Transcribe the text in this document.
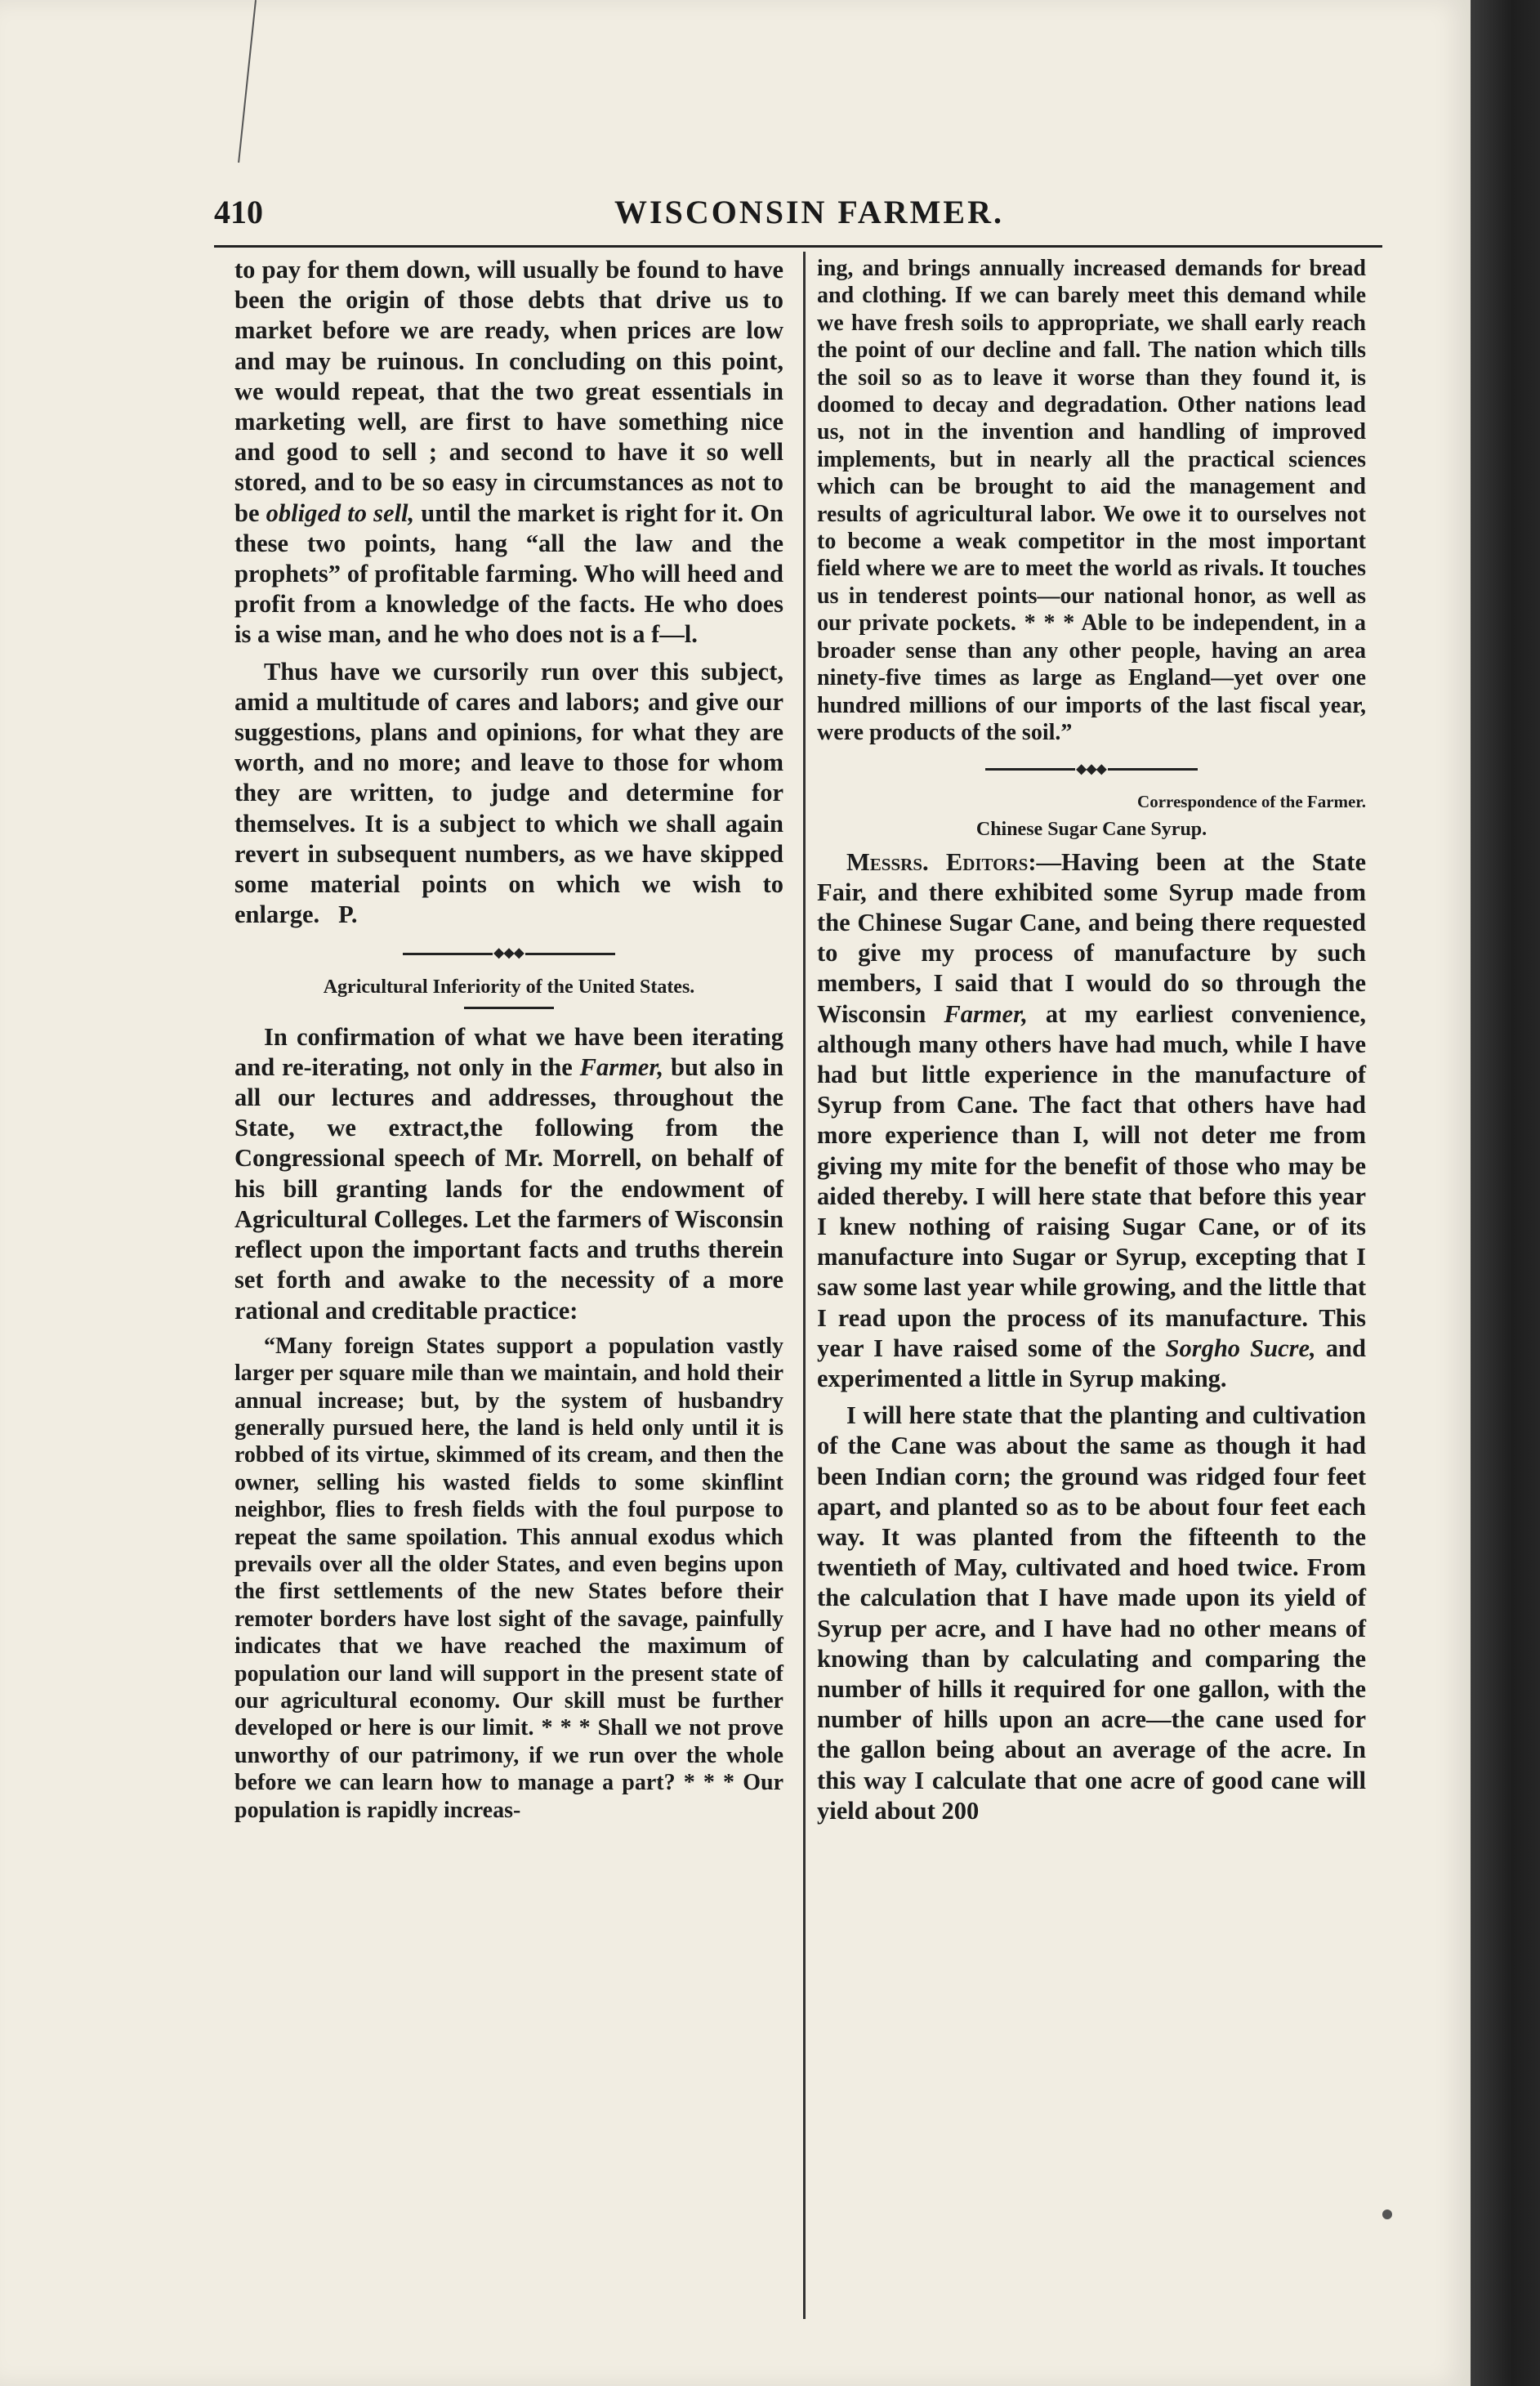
410	WISCONSIN FARMER.

to pay for them down, will usually be found to have been the origin of those debts that drive us to market before we are ready, when prices are low and may be ruinous. In concluding on this point, we would repeat, that the two great essentials in marketing well, are first to have something nice and good to sell ; and second to have it so well stored, and to be so easy in circumstances as not to be obliged to sell, until the market is right for it. On these two points, hang “all the law and the prophets” of profitable farming. Who will heed and profit from a knowledge of the facts. He who does is a wise man, and he who does not is a f—l.

Thus have we cursorily run over this subject, amid a multitude of cares and labors; and give our suggestions, plans and opinions, for what they are worth, and no more; and leave to those for whom they are written, to judge and determine for themselves. It is a subject to which we shall again revert in subsequent numbers, as we have skipped some material points on which we wish to enlarge. P.

◆◆◆
Agricultural Inferiority of the United States.

In confirmation of what we have been iterating and re-iterating, not only in the Farmer, but also in all our lectures and addresses, throughout the State, we extract,the following from the Congressional speech of Mr. Morrell, on behalf of his bill granting lands for the endowment of Agricultural Colleges. Let the farmers of Wisconsin reflect upon the important facts and truths therein set forth and awake to the necessity of a more rational and creditable practice:

“Many foreign States support a population vastly larger per square mile than we maintain, and hold their annual increase; but, by the system of husbandry generally pursued here, the land is held only until it is robbed of its virtue, skimmed of its cream, and then the owner, selling his wasted fields to some skinflint neighbor, flies to fresh fields with the foul purpose to repeat the same spoilation. This annual exodus which prevails over all the older States, and even begins upon the first settlements of the new States before their remoter borders have lost sight of the savage, painfully indicates that we have reached the maximum of population our land will support in the present state of our agricultural economy. Our skill must be further developed or here is our limit. * * * Shall we not prove unworthy of our patrimony, if we run over the whole before we can learn how to manage a part? * * * Our population is rapidly increas-

ing, and brings annually increased demands for bread and clothing. If we can barely meet this demand while we have fresh soils to appropriate, we shall early reach the point of our decline and fall. The nation which tills the soil so as to leave it worse than they found it, is doomed to decay and degradation. Other nations lead us, not in the invention and handling of improved implements, but in nearly all the practical sciences which can be brought to aid the management and results of agricultural labor. We owe it to ourselves not to become a weak competitor in the most important field where we are to meet the world as rivals. It touches us in tenderest points—our national honor, as well as our private pockets. * * * Able to be independent, in a broader sense than any other people, having an area ninety-five times as large as England—yet over one hundred millions of our imports of the last fiscal year, were products of the soil.”

◆◆◆
Correspondence of the Farmer.
Chinese Sugar Cane Syrup.

Messrs. Editors:—Having been at the State Fair, and there exhibited some Syrup made from the Chinese Sugar Cane, and being there requested to give my process of manufacture by such members, I said that I would do so through the Wisconsin Farmer, at my earliest convenience, although many others have had much, while I have had but little experience in the manufacture of Syrup from Cane. The fact that others have had more experience than I, will not deter me from giving my mite for the benefit of those who may be aided thereby. I will here state that before this year I knew nothing of raising Sugar Cane, or of its manufacture into Sugar or Syrup, excepting that I saw some last year while growing, and the little that I read upon the process of its manufacture. This year I have raised some of the Sorgho Sucre, and experimented a little in Syrup making.

I will here state that the planting and cultivation of the Cane was about the same as though it had been Indian corn; the ground was ridged four feet apart, and planted so as to be about four feet each way. It was planted from the fifteenth to the twentieth of May, cultivated and hoed twice. From the calculation that I have made upon its yield of Syrup per acre, and I have had no other means of knowing than by calculating and comparing the number of hills it required for one gallon, with the number of hills upon an acre—the cane used for the gallon being about an average of the acre. In this way I calculate that one acre of good cane will yield about 200
